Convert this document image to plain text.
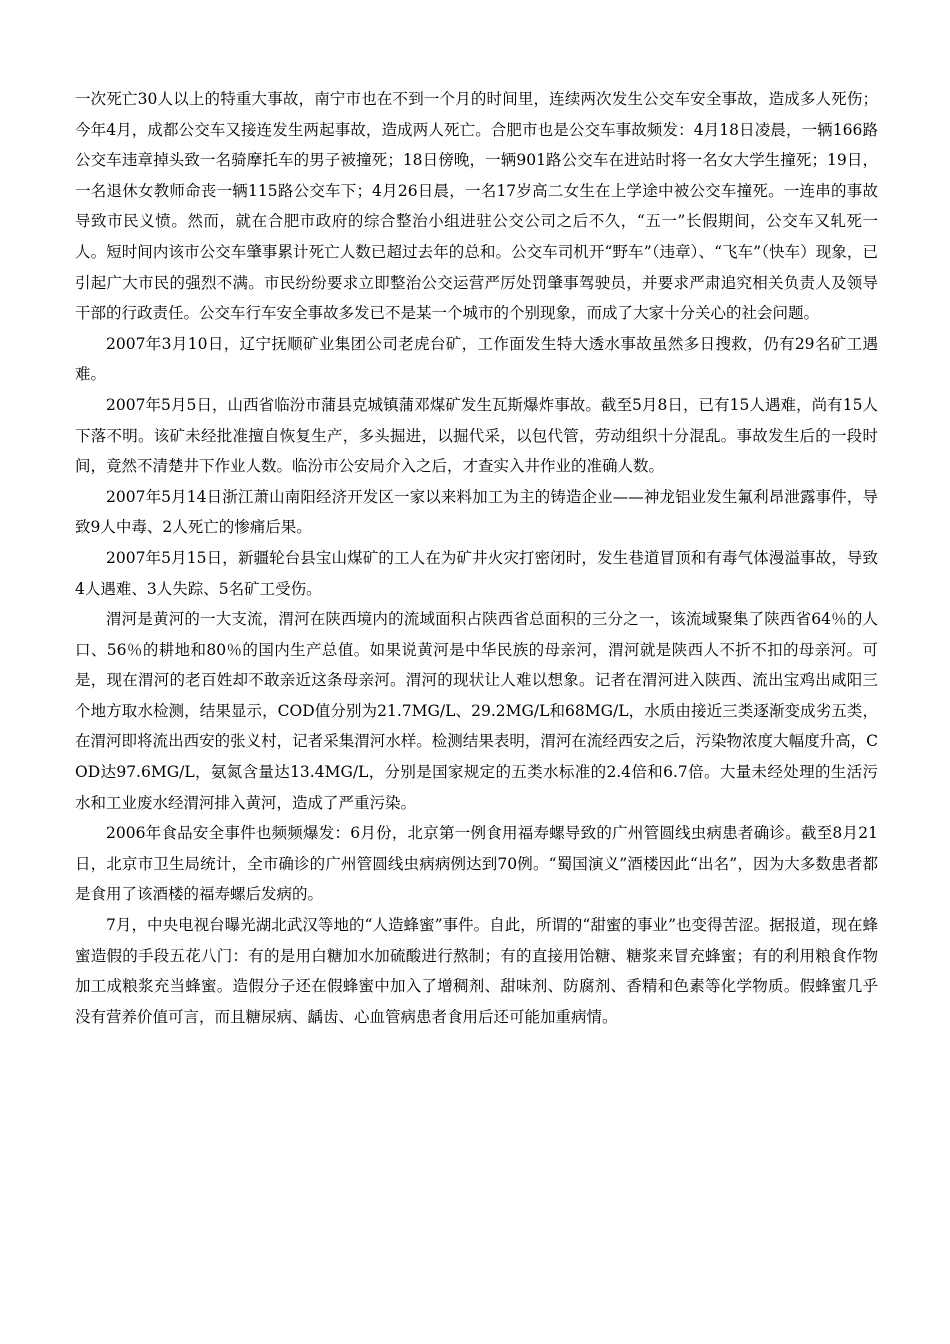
一次死亡30人以上的特重大事故，南宁市也在不到一个月的时间里，连续两次发生公交车安全事故，造成多人死伤；今年4月，成都公交车又接连发生两起事故，造成两人死亡。合肥市也是公交车事故频发：4月18日凌晨，一辆166路公交车违章掉头致一名骑摩托车的男子被撞死；18日傍晚，一辆901路公交车在进站时将一名女大学生撞死；19日，一名退休女教师命丧一辆115路公交车下；4月26日晨，一名17岁高二女生在上学途中被公交车撞死。一连串的事故导致市民义愤。然而，就在合肥市政府的综合整治小组进驻公交公司之后不久，“五一”长假期间，公交车又轧死一人。短时间内该市公交车肇事累计死亡人数已超过去年的总和。公交车司机开“野车”（违章）、“飞车”（快车）现象，已引起广大市民的强烈不满。市民纷纷要求立即整治公交运营严厉处罚肇事驾驶员，并要求严肃追究相关负责人及领导干部的行政责任。公交车行车安全事故多发已不是某一个城市的个别现象，而成了大家十分关心的社会问题。

2007年3月10日，辽宁抚顺矿业集团公司老虎台矿，工作面发生特大透水事故虽然多日搜救，仍有29名矿工遇难。

2007年5月5日，山西省临汾市蒲县克城镇蒲邓煤矿发生瓦斯爆炸事故。截至5月8日，已有15人遇难，尚有15人下落不明。该矿未经批准擅自恢复生产，多头掘进，以掘代采，以包代管，劳动组织十分混乱。事故发生后的一段时间，竟然不清楚井下作业人数。临汾市公安局介入之后，才查实入井作业的准确人数。

2007年5月14日浙江萧山南阳经济开发区一家以来料加工为主的铸造企业——神龙铝业发生氟利昂泄露事件，导致9人中毒、2人死亡的惨痛后果。

2007年5月15日，新疆轮台县宝山煤矿的工人在为矿井火灾打密闭时，发生巷道冒顶和有毒气体漫溢事故，导致4人遇难、3人失踪、5名矿工受伤。

渭河是黄河的一大支流，渭河在陕西境内的流域面积占陕西省总面积的三分之一，该流域聚集了陕西省64％的人口、56％的耕地和80％的国内生产总值。如果说黄河是中华民族的母亲河，渭河就是陕西人不折不扣的母亲河。可是，现在渭河的老百姓却不敢亲近这条母亲河。渭河的现状让人难以想象。记者在渭河进入陕西、流出宝鸡出咸阳三个地方取水检测，结果显示，COD值分别为21.7MG/L、29.2MG/L和68MG/L，水质由接近三类逐渐变成劣五类，在渭河即将流出西安的张义村，记者采集渭河水样。检测结果表明，渭河在流经西安之后，污染物浓度大幅度升高，COD达97.6MG/L，氨氮含量达13.4MG/L，分别是国家规定的五类水标准的2.4倍和6.7倍。大量未经处理的生活污水和工业废水经渭河排入黄河，造成了严重污染。

2006年食品安全事件也频频爆发：6月份，北京第一例食用福寿螺导致的广州管圆线虫病患者确诊。截至8月21日，北京市卫生局统计，全市确诊的广州管圆线虫病病例达到70例。“蜀国演义”酒楼因此“出名”，因为大多数患者都是食用了该酒楼的福寿螺后发病的。

7月，中央电视台曝光湖北武汉等地的“人造蜂蜜”事件。自此，所谓的“甜蜜的事业”也变得苦涩。据报道，现在蜂蜜造假的手段五花八门：有的是用白糖加水加硫酸进行熬制；有的直接用饴糖、糖浆来冒充蜂蜜；有的利用粮食作物加工成粮浆充当蜂蜜。造假分子还在假蜂蜜中加入了增稠剂、甜味剂、防腐剂、香精和色素等化学物质。假蜂蜜几乎没有营养价值可言，而且糖尿病、龋齿、心血管病患者食用后还可能加重病情。
